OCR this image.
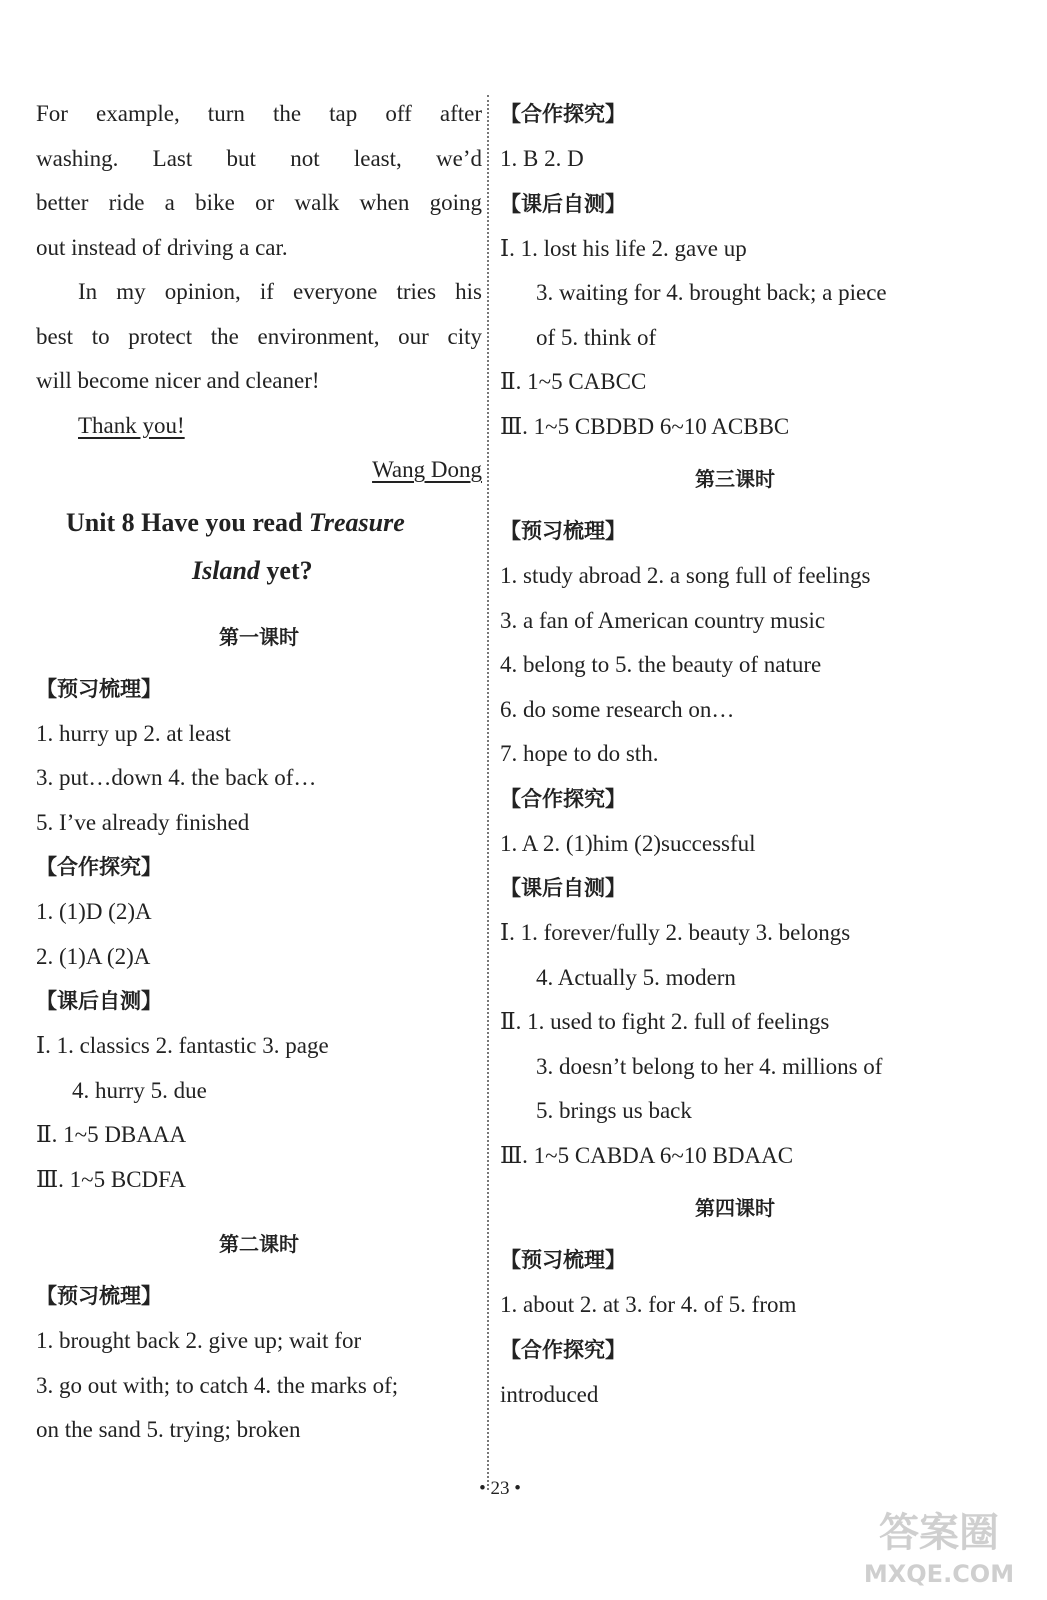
For example, turn the tap off after
washing. Last but not least, we’d
better ride a bike or walk when going
out instead of driving a car.
In my opinion, if everyone tries his
best to protect the environment, our city
will become nicer and cleaner!
Thank you!
Wang Dong
Unit 8 Have you read Treasure
Island yet?
第一课时
【预习梳理】
1. hurry up 2. at least
3. put…down 4. the back of…
5. I’ve already finished
【合作探究】
1. (1)D (2)A
2. (1)A (2)A
【课后自测】
Ⅰ. 1. classics 2. fantastic 3. page
4. hurry 5. due
Ⅱ. 1~5 DBAAA
Ⅲ. 1~5 BCDFA
第二课时
【预习梳理】
1. brought back 2. give up; wait for
3. go out with; to catch 4. the marks of;
on the sand 5. trying; broken
【合作探究】
1. B 2. D
【课后自测】
Ⅰ. 1. lost his life 2. gave up
3. waiting for 4. brought back; a piece
of 5. think of
Ⅱ. 1~5 CABCC
Ⅲ. 1~5 CBDBD 6~10 ACBBC
第三课时
【预习梳理】
1. study abroad 2. a song full of feelings
3. a fan of American country music
4. belong to 5. the beauty of nature
6. do some research on…
7. hope to do sth.
【合作探究】
1. A 2. (1)him (2)successful
【课后自测】
Ⅰ. 1. forever/fully 2. beauty 3. belongs
4. Actually 5. modern
Ⅱ. 1. used to fight 2. full of feelings
3. doesn’t belong to her 4. millions of
5. brings us back
Ⅲ. 1~5 CABDA 6~10 BDAAC
第四课时
【预习梳理】
1. about 2. at 3. for 4. of 5. from
【合作探究】
introduced
• 23 •
答案圈
MXQE.COM
